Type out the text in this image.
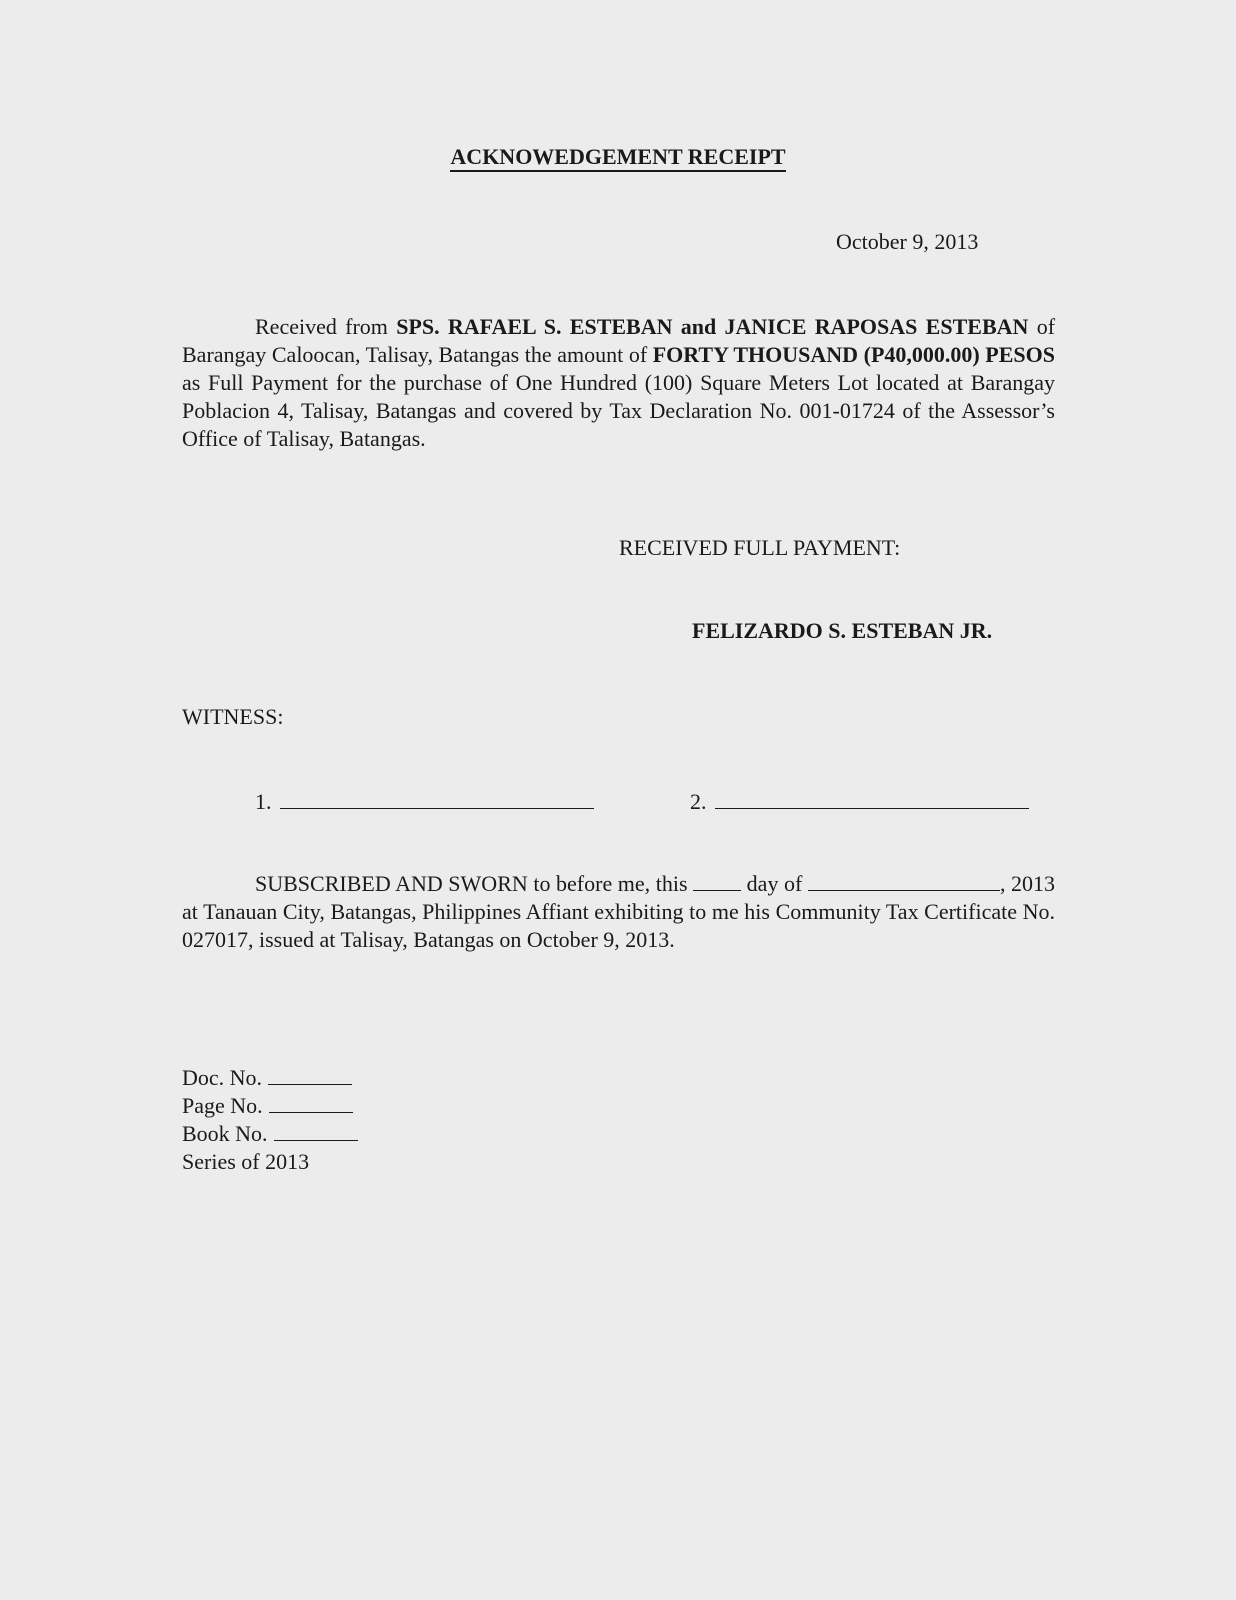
ACKNOWEDGEMENT RECEIPT
October 9, 2013
Received from SPS. RAFAEL S. ESTEBAN and JANICE RAPOSAS ESTEBAN of Barangay Caloocan, Talisay, Batangas the amount of FORTY THOUSAND (P40,000.00) PESOS as Full Payment for the purchase of One Hundred (100) Square Meters Lot located at Barangay Poblacion 4, Talisay, Batangas and covered by Tax Declaration No. 001-01724 of the Assessor’s Office of Talisay, Batangas.
RECEIVED FULL PAYMENT:
FELIZARDO S. ESTEBAN JR.
WITNESS:
1.	2.
SUBSCRIBED AND SWORN to before me, this  day of	, 2013 at Tanauan City, Batangas, Philippines Affiant exhibiting to me his Community Tax Certificate No. 027017, issued at Talisay, Batangas on October 9, 2013.
Doc. No.
Page No.
Book No.
Series of 2013
